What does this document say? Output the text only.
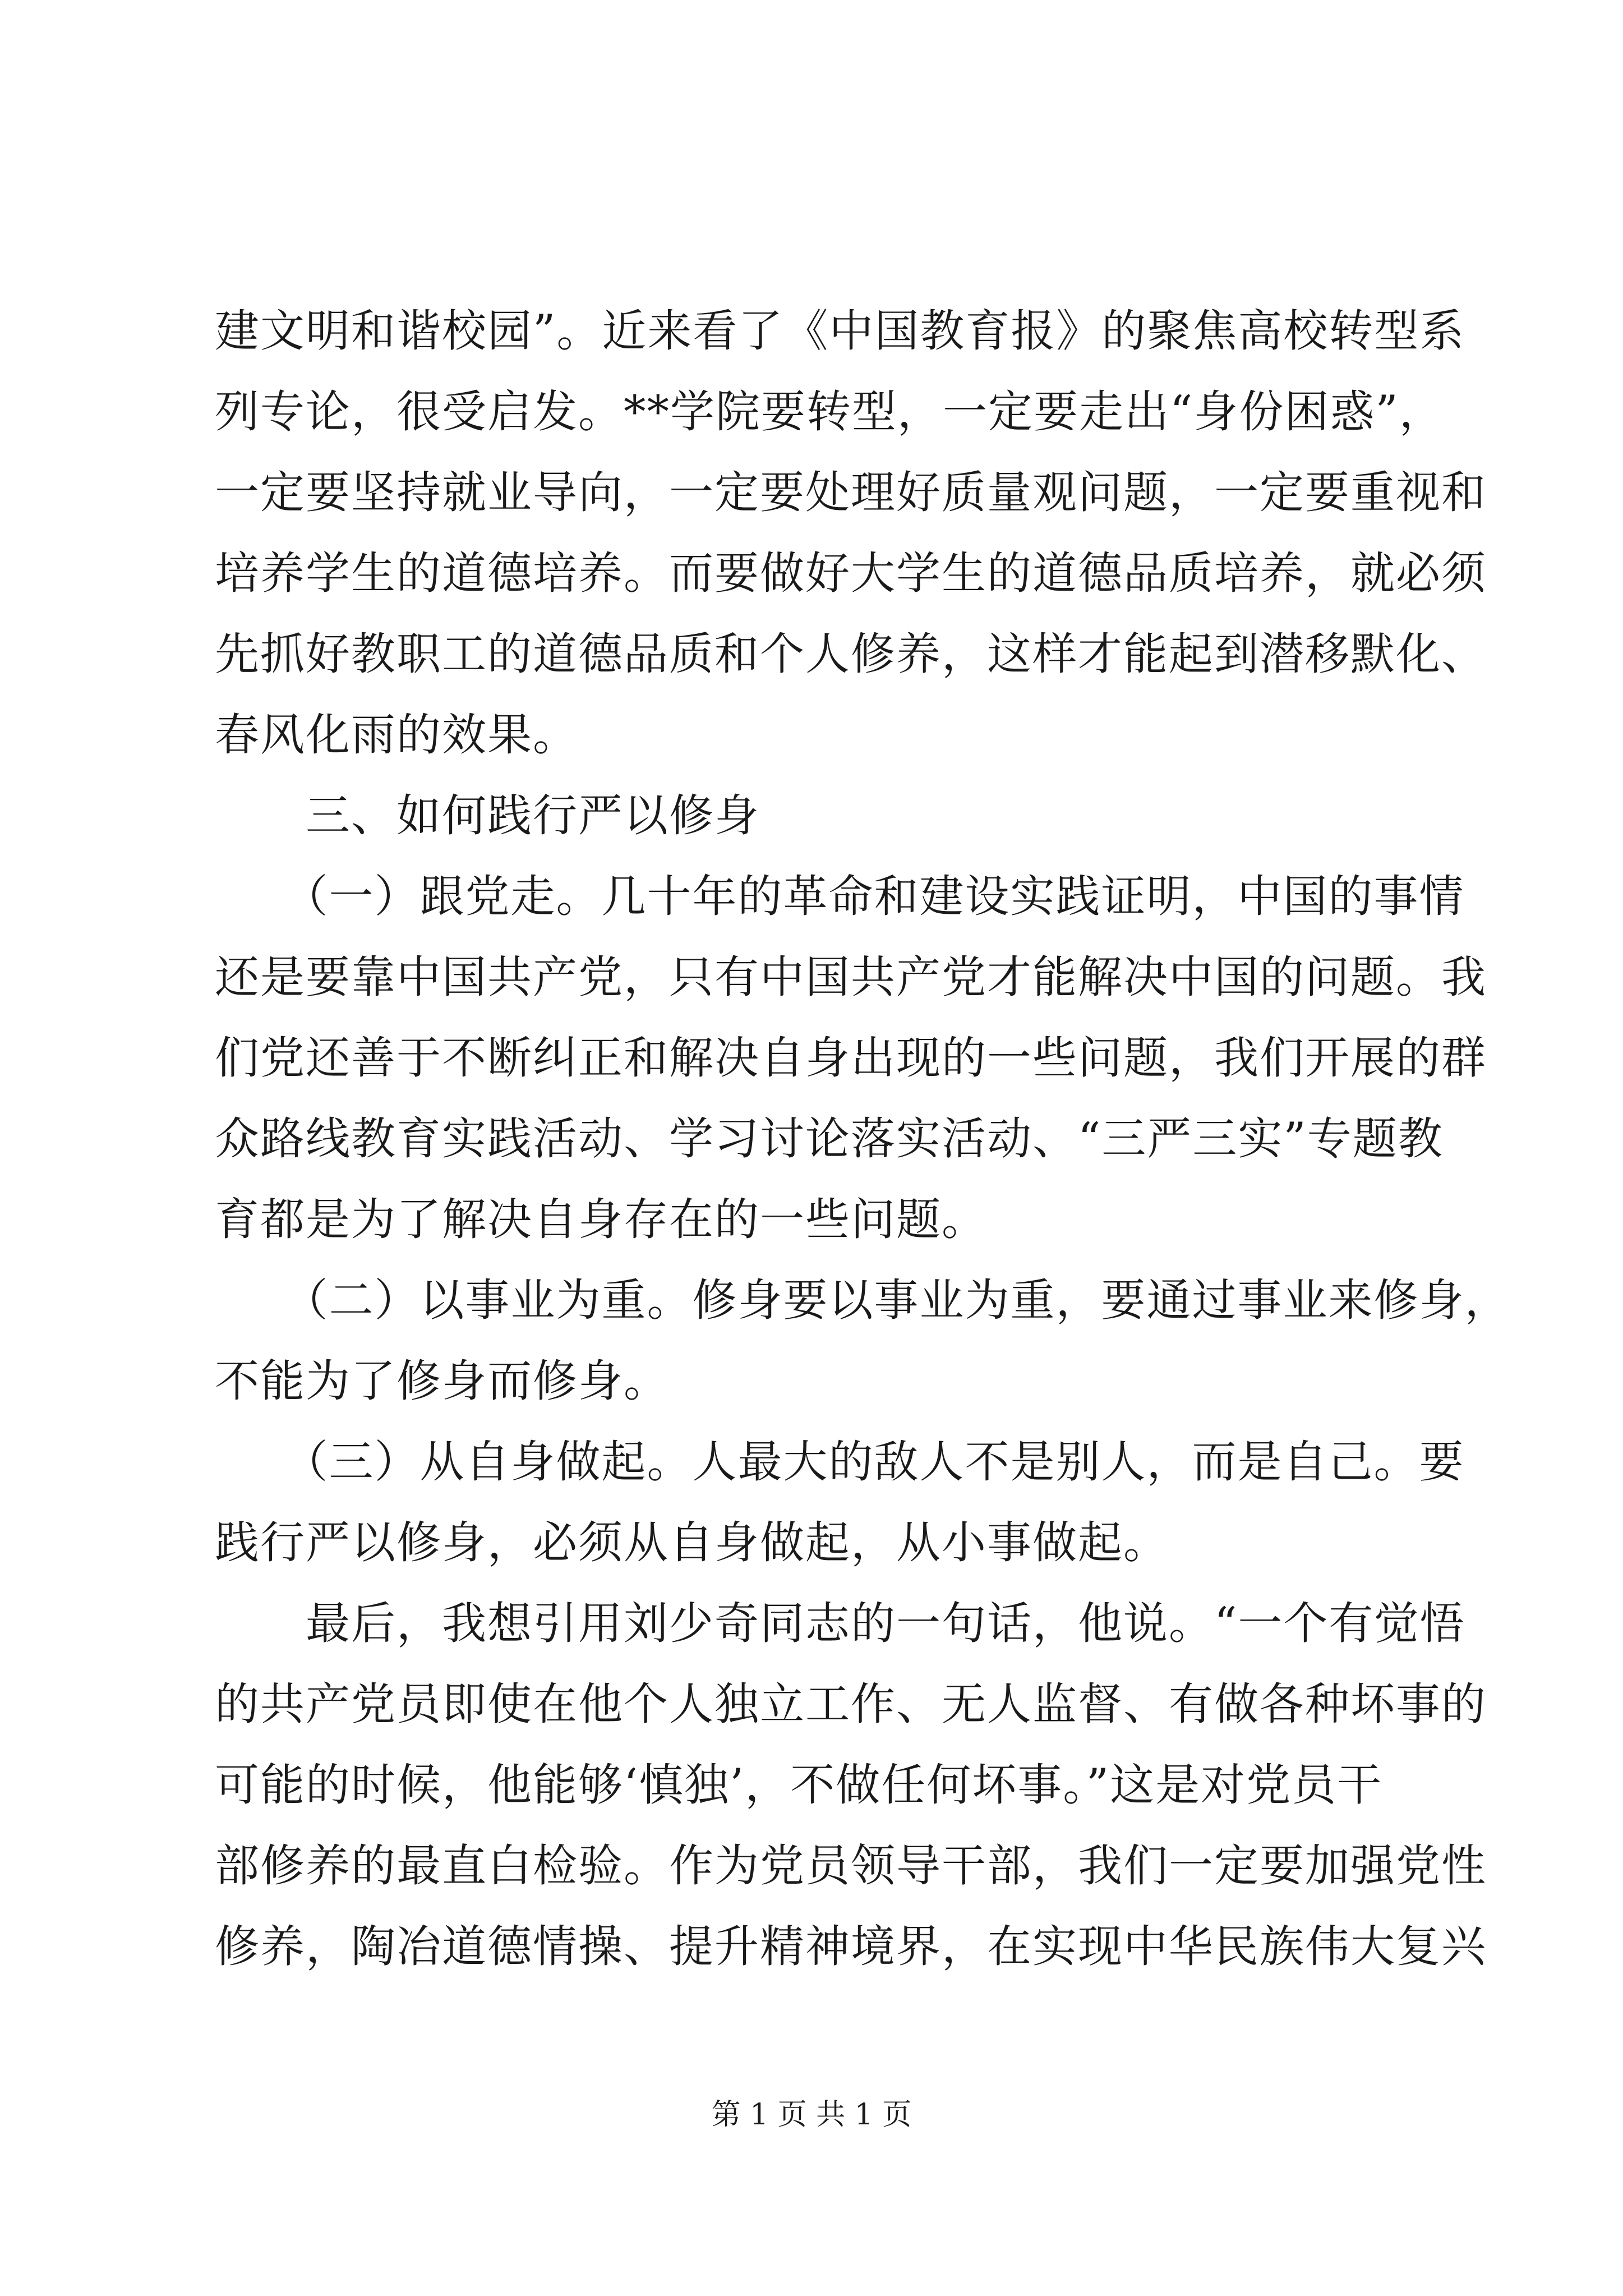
建文明和谐校园”。近来看了《中国教育报》的聚焦高校转型系
列专论，很受启发。**学院要转型，一定要走出“身份困惑”，
一定要坚持就业导向，一定要处理好质量观问题，一定要重视和
培养学生的道德培养。而要做好大学生的道德品质培养，就必须
先抓好教职工的道德品质和个人修养，这样才能起到潜移默化、
春风化雨的效果。
　　三、如何践行严以修身
　　（一）跟党走。几十年的革命和建设实践证明，中国的事情
还是要靠中国共产党，只有中国共产党才能解决中国的问题。我
们党还善于不断纠正和解决自身出现的一些问题，我们开展的群
众路线教育实践活动、学习讨论落实活动、“三严三实”专题教
育都是为了解决自身存在的一些问题。
　　（二）以事业为重。修身要以事业为重，要通过事业来修身，
不能为了修身而修身。
　　（三）从自身做起。人最大的敌人不是别人，而是自己。要
践行严以修身，必须从自身做起，从小事做起。
　　最后，我想引用刘少奇同志的一句话，他说。“一个有觉悟
的共产党员即使在他个人独立工作、无人监督、有做各种坏事的
可能的时候，他能够‘慎独’，不做任何坏事。”这是对党员干
部修养的最直白检验。作为党员领导干部，我们一定要加强党性
修养，陶冶道德情操、提升精神境界，在实现中华民族伟大复兴
第 1 页 共 1 页
